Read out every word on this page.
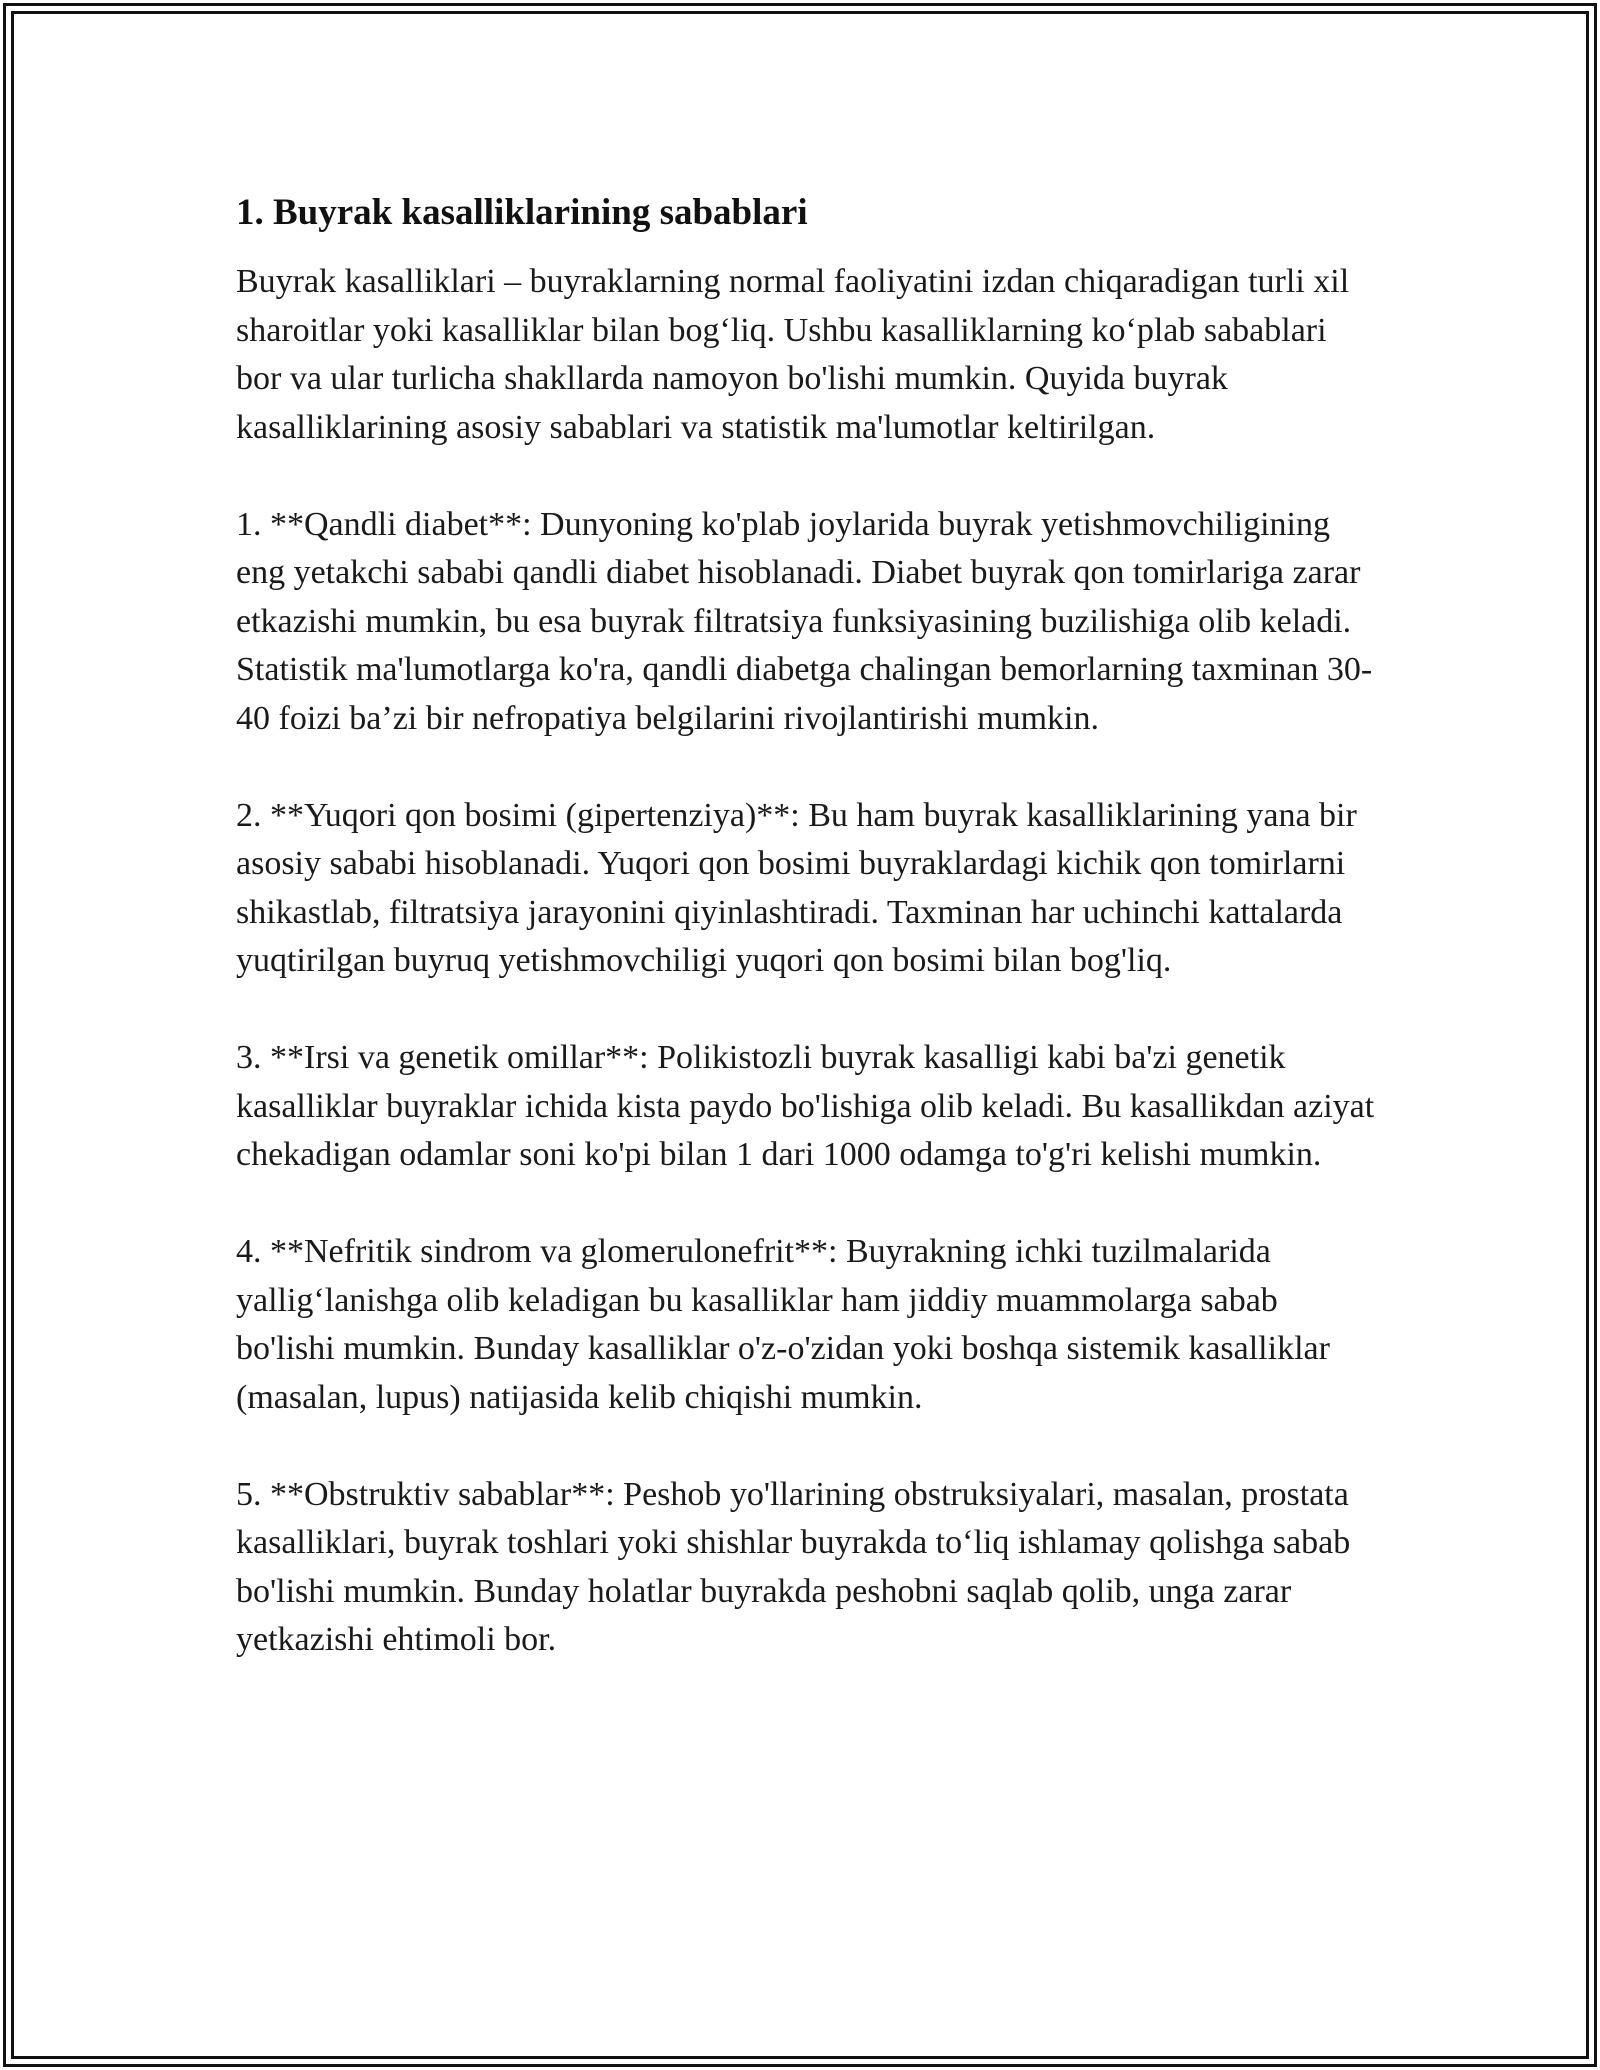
1. Buyrak kasalliklarining sabablari

Buyrak kasalliklari – buyraklarning normal faoliyatini izdan chiqaradigan turli xil sharoitlar yoki kasalliklar bilan bog‘liq. Ushbu kasalliklarning ko‘plab sabablari bor va ular turlicha shakllarda namoyon bo'lishi mumkin. Quyida buyrak kasalliklarining asosiy sabablari va statistik ma'lumotlar keltirilgan.

1. **Qandli diabet**: Dunyoning ko'plab joylarida buyrak yetishmovchiligining eng yetakchi sababi qandli diabet hisoblanadi. Diabet buyrak qon tomirlariga zarar etkazishi mumkin, bu esa buyrak filtratsiya funksiyasining buzilishiga olib keladi. Statistik ma'lumotlarga ko'ra, qandli diabetga chalingan bemorlarning taxminan 30-40 foizi ba’zi bir nefropatiya belgilarini rivojlantirishi mumkin.

2. **Yuqori qon bosimi (gipertenziya)**: Bu ham buyrak kasalliklarining yana bir asosiy sababi hisoblanadi. Yuqori qon bosimi buyraklardagi kichik qon tomirlarni shikastlab, filtratsiya jarayonini qiyinlashtiradi. Taxminan har uchinchi kattalarda yuqtirilgan buyruq yetishmovchiligi yuqori qon bosimi bilan bog'liq.

3. **Irsi va genetik omillar**: Polikistozli buyrak kasalligi kabi ba'zi genetik kasalliklar buyraklar ichida kista paydo bo'lishiga olib keladi. Bu kasallikdan aziyat chekadigan odamlar soni ko'pi bilan 1 dari 1000 odamga to'g'ri kelishi mumkin.

4. **Nefritik sindrom va glomerulonefrit**: Buyrakning ichki tuzilmalarida yallig‘lanishga olib keladigan bu kasalliklar ham jiddiy muammolarga sabab bo'lishi mumkin. Bunday kasalliklar o'z-o'zidan yoki boshqa sistemik kasalliklar (masalan, lupus) natijasida kelib chiqishi mumkin.

5. **Obstruktiv sabablar**: Peshob yo'llarining obstruksiyalari, masalan, prostata kasalliklari, buyrak toshlari yoki shishlar buyrakda to‘liq ishlamay qolishga sabab bo'lishi mumkin. Bunday holatlar buyrakda peshobni saqlab qolib, unga zarar yetkazishi ehtimoli bor.
